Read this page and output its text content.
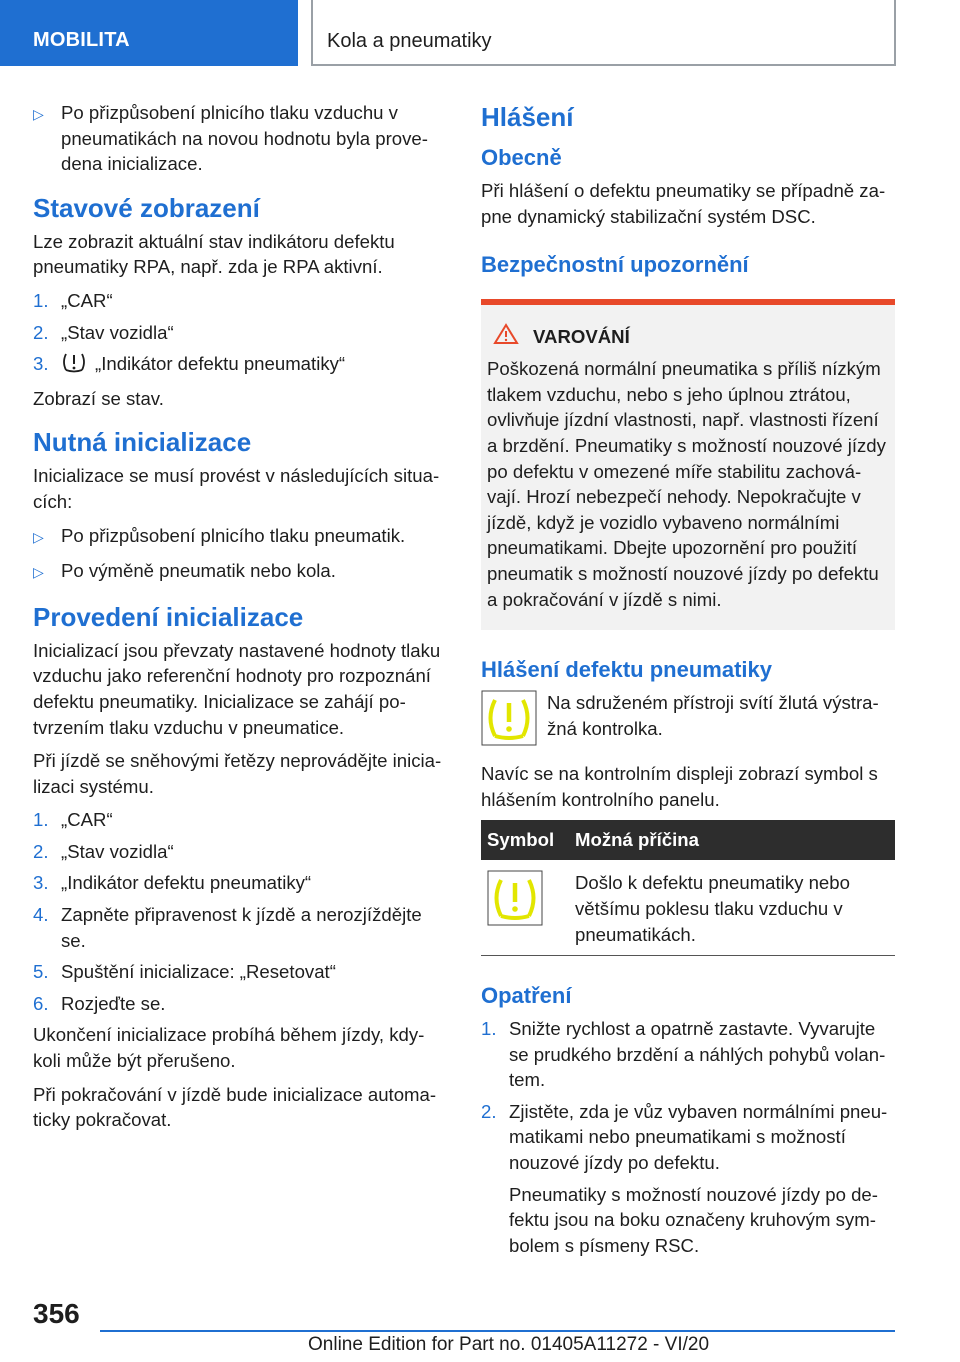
MOBILITA	Kola a pneumatiky
▷ Po přizpůsobení plnicího tlaku vzduchu v pneumatikách na novou hodnotu byla prove-dena inicializace.
Stavové zobrazení

Lze zobrazit aktuální stav indikátoru defektu pneumatiky RPA, např. zda je RPA aktivní.

1. „CAR“
2. „Stav vozidla“
3.	„Indikátor defektu pneumatiky“

Zobrazí se stav.

Nutná inicializace

Inicializace se musí provést v následujících situa-cích:

▷ Po přizpůsobení plnicího tlaku pneumatik.
▷ Po výměně pneumatik nebo kola.
Provedení inicializace

Inicializací jsou převzaty nastavené hodnoty tlaku vzduchu jako referenční hodnoty pro rozpoznání defektu pneumatiky. Inicializace se zahájí po-tvrzením tlaku vzduchu v pneumatice.

Při jízdě se sněhovými řetězy neprovádějte inicia-lizaci systému.

1. „CAR“
2. „Stav vozidla“
3. „Indikátor defektu pneumatiky“
4. Zapněte připravenost k jízdě a nerozjíždějte se.
5. Spuštění inicializace: „Resetovat“
6. Rozjeďte se.

Ukončení inicializace probíhá během jízdy, kdy-koli může být přerušeno.

Při pokračování v jízdě bude inicializace automa-ticky pokračovat.

Hlášení
Obecně

Při hlášení o defektu pneumatiky se případně za-pne dynamický stabilizační systém DSC.

Bezpečnostní upozornění
VAROVÁNÍ

Poškozená normální pneumatika s příliš nízkým tlakem vzduchu, nebo s jeho úplnou ztrátou, ovlivňuje jízdní vlastnosti, např. vlastnosti řízení a brzdění. Pneumatiky s možností nouzové jízdy po defektu v omezené míře stabilitu zachová-vají. Hrozí nebezpečí nehody. Nepokračujte v jízdě, když je vozidlo vybaveno normálními pneumatikami. Dbejte upozornění pro použití pneumatik s možností nouzové jízdy po defektu a pokračování v jízdě s nimi.

Hlášení defektu pneumatiky
Na sdruženém přístroji svítí žlutá výstra-žná kontrolka.

Navíc se na kontrolním displeji zobrazí symbol s hlášením kontrolního panelu.

Symbol	Možná příčina
	Došlo k defektu pneumatiky nebo většímu poklesu tlaku vzduchu v pneumatikách.
Opatření
1. Snižte rychlost a opatrně zastavte. Vyvarujte se prudkého brzdění a náhlých pohybů volan-tem.
2. Zjistěte, zda je vůz vybaven normálními pneu-matikami nebo pneumatikami s možností nouzové jízdy po defektu.

Pneumatiky s možností nouzové jízdy po de-fektu jsou na boku označeny kruhovým sym-bolem s písmeny RSC.

356
Online Edition for Part no. 01405A11272 - VI/20
